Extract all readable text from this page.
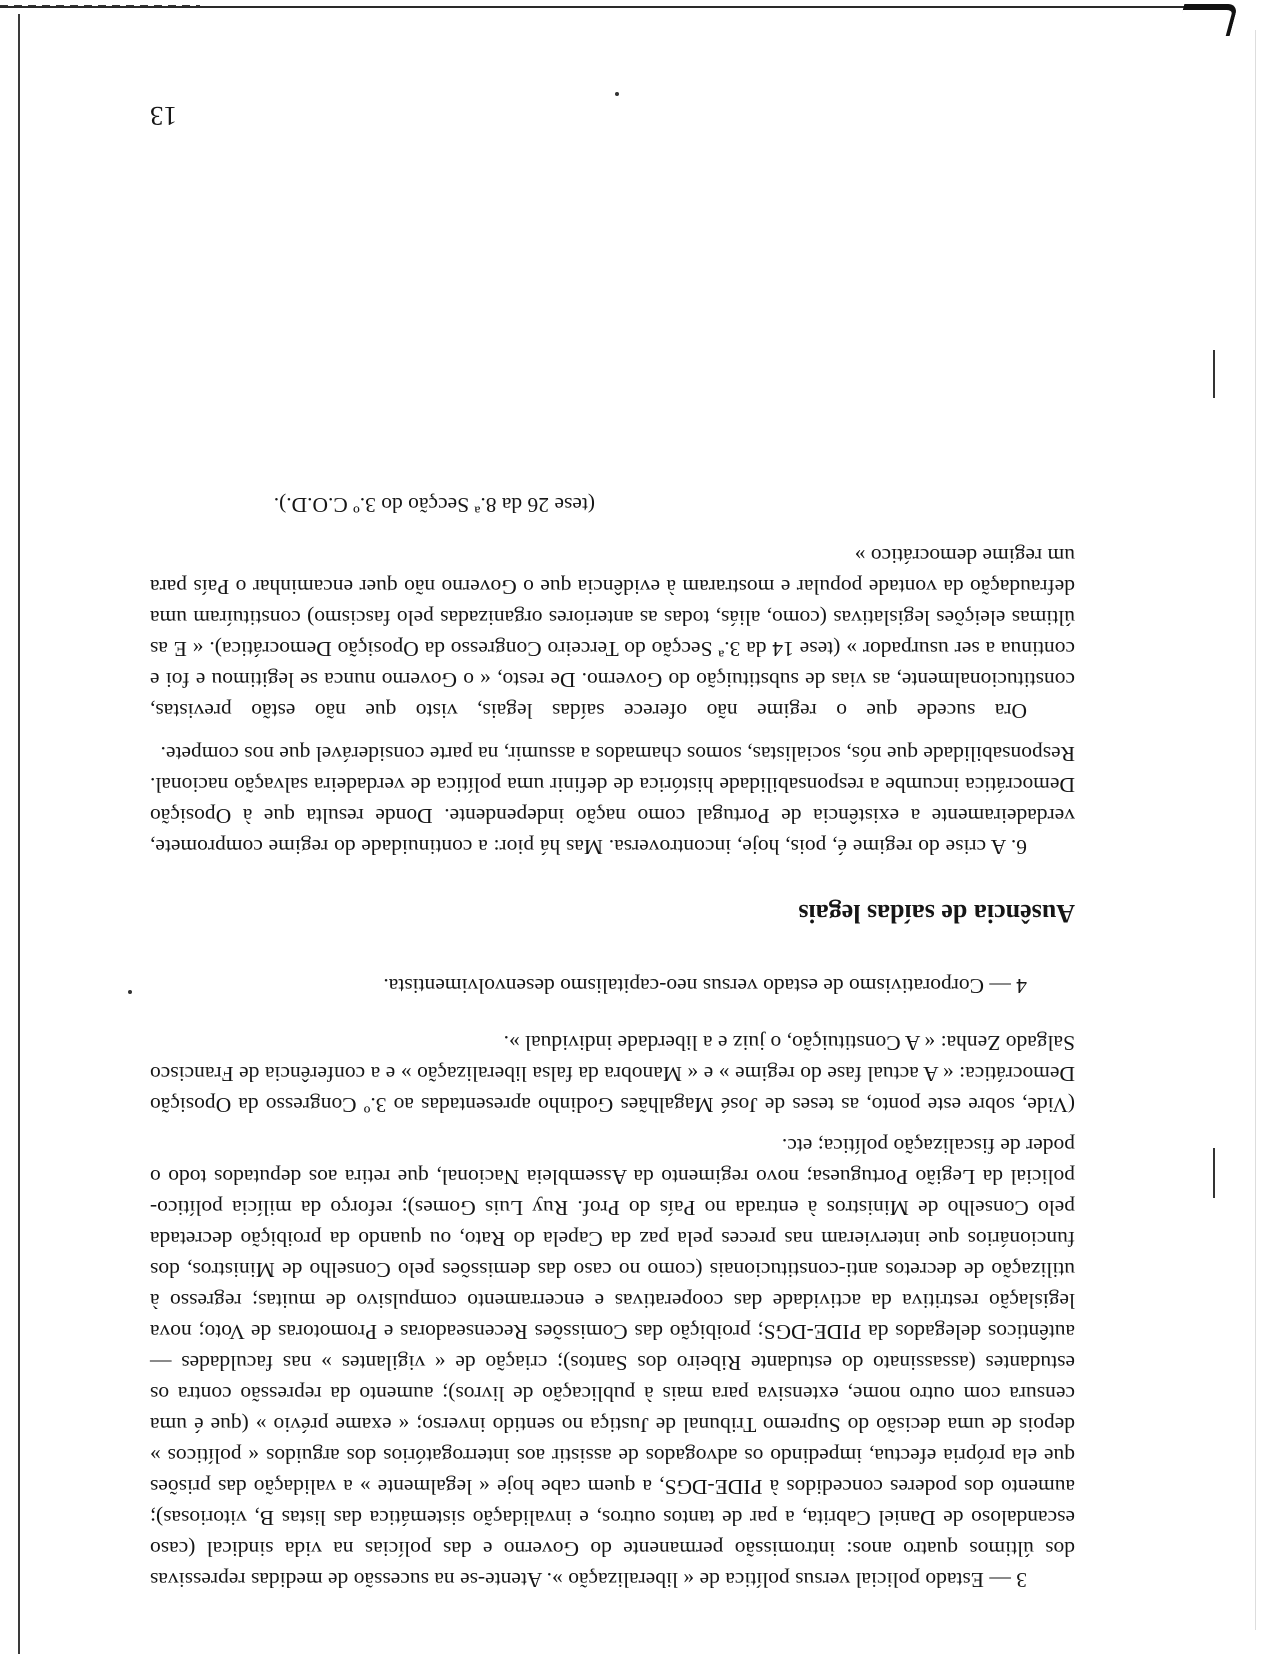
13

3 — Estado policial versus política de « liberalização ». Atente-se na sucessão de medidas repressivas dos últimos quatro anos: intromissão permanente do Governo e das polícias na vida sindical (caso escandaloso de Daniel Cabrita, a par de tantos outros, e invalidação sistemática das listas B, vitoriosas); aumento dos poderes concedidos à PIDE-DGS, a quem cabe hoje « legalmente » a validação das prisões que ela própria efectua, impedindo os advogados de assistir aos interrogatórios dos arguidos « políticos » depois de uma decisão do Supremo Tribunal de Justiça no sentido inverso; « exame prévio » (que é uma censura com outro nome, extensiva para mais à publicação de livros); aumento da repressão contra os estudantes (assassinato do estudante Ribeiro dos Santos); criação de « vigilantes » nas faculdades — autênticos delegados da PIDE-DGS; proibição das Comissões Recenseadoras e Promotoras de Voto; nova legislação restritiva da actividade das cooperativas e encerramento compulsivo de muitas; regresso à utilização de decretos anti-constitucionais (como no caso das demissões pelo Conselho de Ministros, dos funcionários que intervieram nas preces pela paz da Capela do Rato, ou quando da proibição decretada pelo Conselho de Ministros à entrada no País do Prof. Ruy Luis Gomes); reforço da milícia político-policial da Legião Portuguesa; novo regimento da Assembleia Nacional, que retira aos deputados todo o poder de fiscalização política; etc.

(Vide, sobre este ponto, as teses de José Magalhães Godinho apresentadas ao 3.º Congresso da Oposição Democrática: « A actual fase do regime » e « Manobra da falsa liberalização » e a conferência de Francisco Salgado Zenha: « A Constituição, o juiz e a liberdade individual ».
4 — Corporativismo de estado versus neo-capitalismo desenvolvimentista.
Ausência de saídas legais

6. A crise do regime é, pois, hoje, incontroversa. Mas há pior: a continuidade do regime compromete, verdadeiramente a existência de Portugal como nação independente. Donde resulta que à Oposição Democrática incumbe a responsabilidade histórica de definir uma política de verdadeira salvação nacional. Responsabilidade que nós, socialistas, somos chamados a assumir, na parte considerável que nos compete.

Ora sucede que o regime não oferece saídas legais, visto que não estão previstas, constitucionalmente, as vias de substituição do Governo. De resto, « o Governo nunca se legitimou e foi e continua a ser usurpador » (tese 14 da 3.ª Secção do Terceiro Congresso da Oposição Democrática). « E as últimas eleições legislativas (como, aliás, todas as anteriores organizadas pelo fascismo) constituíram uma defraudação da vontade popular e mostraram à evidência que o Governo não quer encaminhar o País para um regime democrático »

(tese 26 da 8.ª Secção do 3.º C.O.D.).
